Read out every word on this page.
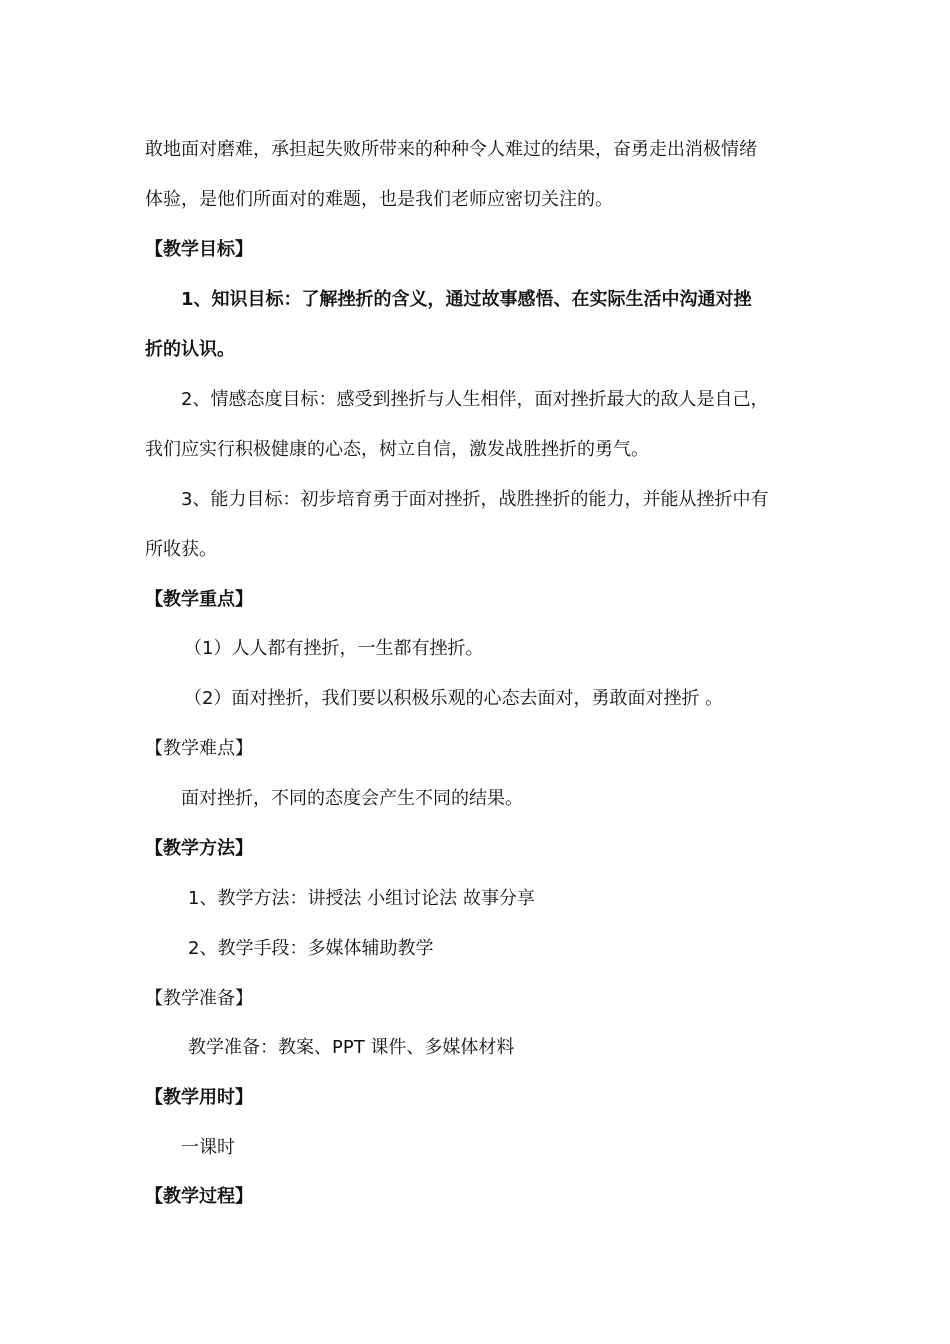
敢地面对磨难，承担起失败所带来的种种令人难过的结果，奋勇走出消极情绪
体验，是他们所面对的难题，也是我们老师应密切关注的。
【教学目标】
1、知识目标：了解挫折的含义，通过故事感悟、在实际生活中沟通对挫
折的认识。
2、情感态度目标：感受到挫折与人生相伴，面对挫折最大的敌人是自己，
我们应实行积极健康的心态，树立自信，激发战胜挫折的勇气。
3、能力目标：初步培育勇于面对挫折，战胜挫折的能力，并能从挫折中有
所收获。
【教学重点】
（1）人人都有挫折，一生都有挫折。
（2）面对挫折，我们要以积极乐观的心态去面对，勇敢面对挫折 。
【教学难点】
面对挫折，不同的态度会产生不同的结果。
【教学方法】
1、教学方法：讲授法 小组讨论法 故事分享
2、教学手段：多媒体辅助教学
【教学准备】
教学准备：教案、PPT 课件、多媒体材料
【教学用时】
一课时
【教学过程】
